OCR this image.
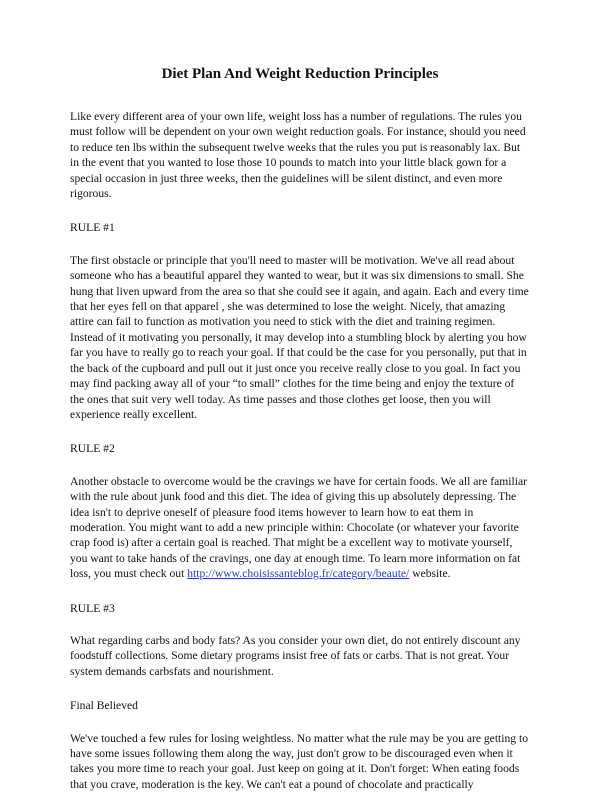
Diet Plan And Weight Reduction Principles

Like every different area of your own life, weight loss has a number of regulations. The rules you must follow will be dependent on your own weight reduction goals. For instance, should you need to reduce ten lbs within the subsequent twelve weeks that the rules you put is reasonably lax. But in the event that you wanted to lose those 10 pounds to match into your little black gown for a special occasion in just three weeks, then the guidelines will be silent distinct, and even more rigorous.

RULE #1

The first obstacle or principle that you'll need to master will be motivation. We've all read about someone who has a beautiful apparel they wanted to wear, but it was six dimensions to small. She hung that liven upward from the area so that she could see it again, and again. Each and every time that her eyes fell on that apparel , she was determined to lose the weight. Nicely, that amazing attire can fail to function as motivation you need to stick with the diet and training regimen. Instead of it motivating you personally, it may develop into a stumbling block by alerting you how far you have to really go to reach your goal. If that could be the case for you personally, put that in the back of the cupboard and pull out it just once you receive really close to you goal. In fact you may find packing away all of your “to small” clothes for the time being and enjoy the texture of the ones that suit very well today. As time passes and those clothes get loose, then you will experience really excellent.

RULE #2

Another obstacle to overcome would be the cravings we have for certain foods. We all are familiar with the rule about junk food and this diet. The idea of giving this up absolutely depressing. The idea isn't to deprive oneself of pleasure food items however to learn how to eat them in moderation. You might want to add a new principle within: Chocolate (or whatever your favorite crap food is) after a certain goal is reached. That might be a excellent way to motivate yourself, you want to take hands of the cravings, one day at enough time. To learn more information on fat loss, you must check out http://www.choisissanteblog.fr/category/beaute/ website.

RULE #3

What regarding carbs and body fats? As you consider your own diet, do not entirely discount any foodstuff collections. Some dietary programs insist free of fats or carbs. That is not great. Your system demands carbsfats and nourishment.

Final Believed

We've touched a few rules for losing weightless. No matter what the rule may be you are getting to have some issues following them along the way, just don't grow to be discouraged even when it takes you more time to reach your goal. Just keep on going at it. Don't forget: When eating foods that you crave, moderation is the key. We can't eat a pound of chocolate and practically
